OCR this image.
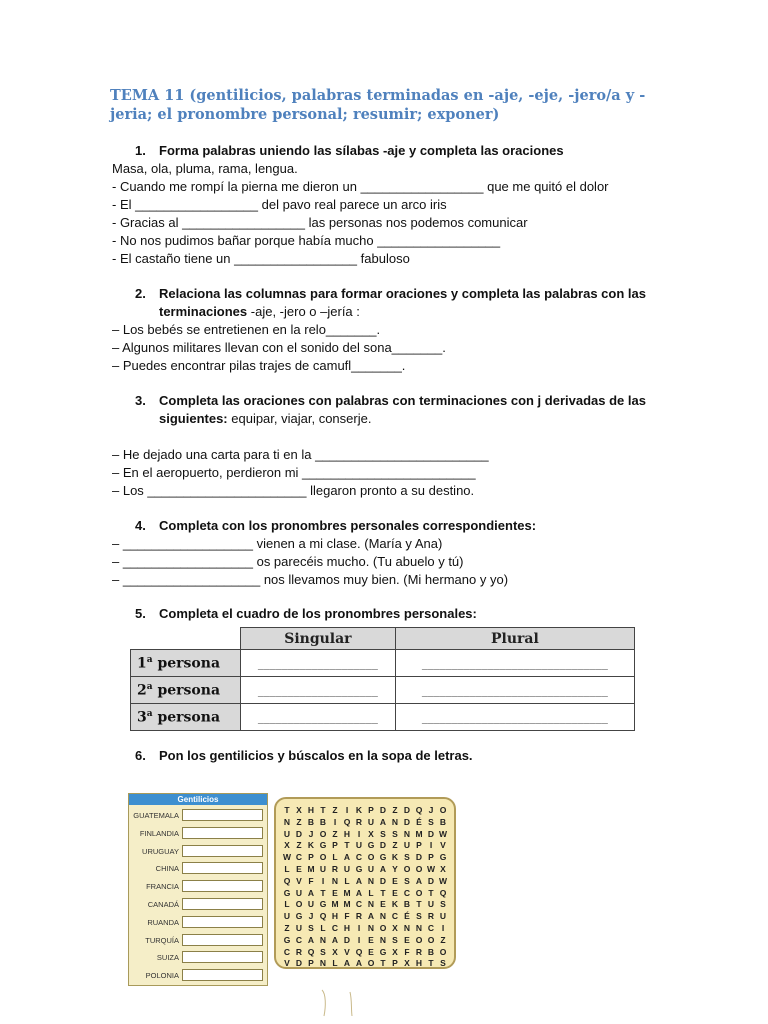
TEMA 11 (gentilicios, palabras terminadas en -aje, -eje, -jero/a y -jeria; el pronombre personal; resumir; exponer)
1.	Forma palabras uniendo las sílabas -aje y completa las oraciones
Masa, ola, pluma, rama, lengua.
- Cuando me rompí la pierna me dieron un _________________ que me quitó el dolor
- El _________________ del pavo real parece un arco iris
- Gracias al _________________ las personas nos podemos comunicar
- No nos pudimos bañar porque había mucho _________________
- El castaño tiene un _________________ fabuloso
2.	Relaciona las columnas para formar oraciones y completa las palabras con las terminaciones -aje, -jero o –jería :
– Los bebés se entretienen en la relo_______.
– Algunos militares llevan con el sonido del sona_______.
– Puedes encontrar pilas trajes de camufl_______.
3.	Completa las oraciones con palabras con terminaciones con j derivadas de las siguientes: equipar, viajar, conserje.
– He dejado una carta para ti en la ________________________
– En el aeropuerto, perdieron mi ________________________
– Los ______________________ llegaron pronto a su destino.
4.	Completa con los pronombres personales correspondientes:
– __________________ vienen a mi clase. (María y Ana)
– __________________ os parecéis mucho. (Tu abuelo y tú)
– ___________________ nos llevamos muy bien. (Mi hermano y yo)
5.	Completa el cuadro de los pronombres personales:
	Singular	Plural
1$^a$ persona	____________________	_______________________________
2$^a$ persona	____________________	_______________________________
3$^a$ persona	____________________	_______________________________
6.	Pon los gentilicios y búscalos en la sopa de letras.
Gentilicios
GUATEMALA
FINLANDIA
URUGUAY
CHINA
FRANCIA
CANADÁ
RUANDA
TURQUÍA
SUIZA
POLONIA
T X H T Z I K P D Z D Q J O
N Z B B I Q R U A N D É S B
U D J O Z H I X S S N M D W
X Z K G P T U G D Z U P I V
W C P O L A C O G K S D P G
L E M U R U G U A Y O O W X
Q V F I N L A N D E S A D W
G U A T E M A L T E C O T Q
L O U G M M C N E K B T U S
U G J Q H F R A N C É S R U
Z U S L C H I N O X N N C I
G C A N A D I E N S E O O Z
C R Q S X V Q E G X F R B O
V D P N L A A O T P X H T S
